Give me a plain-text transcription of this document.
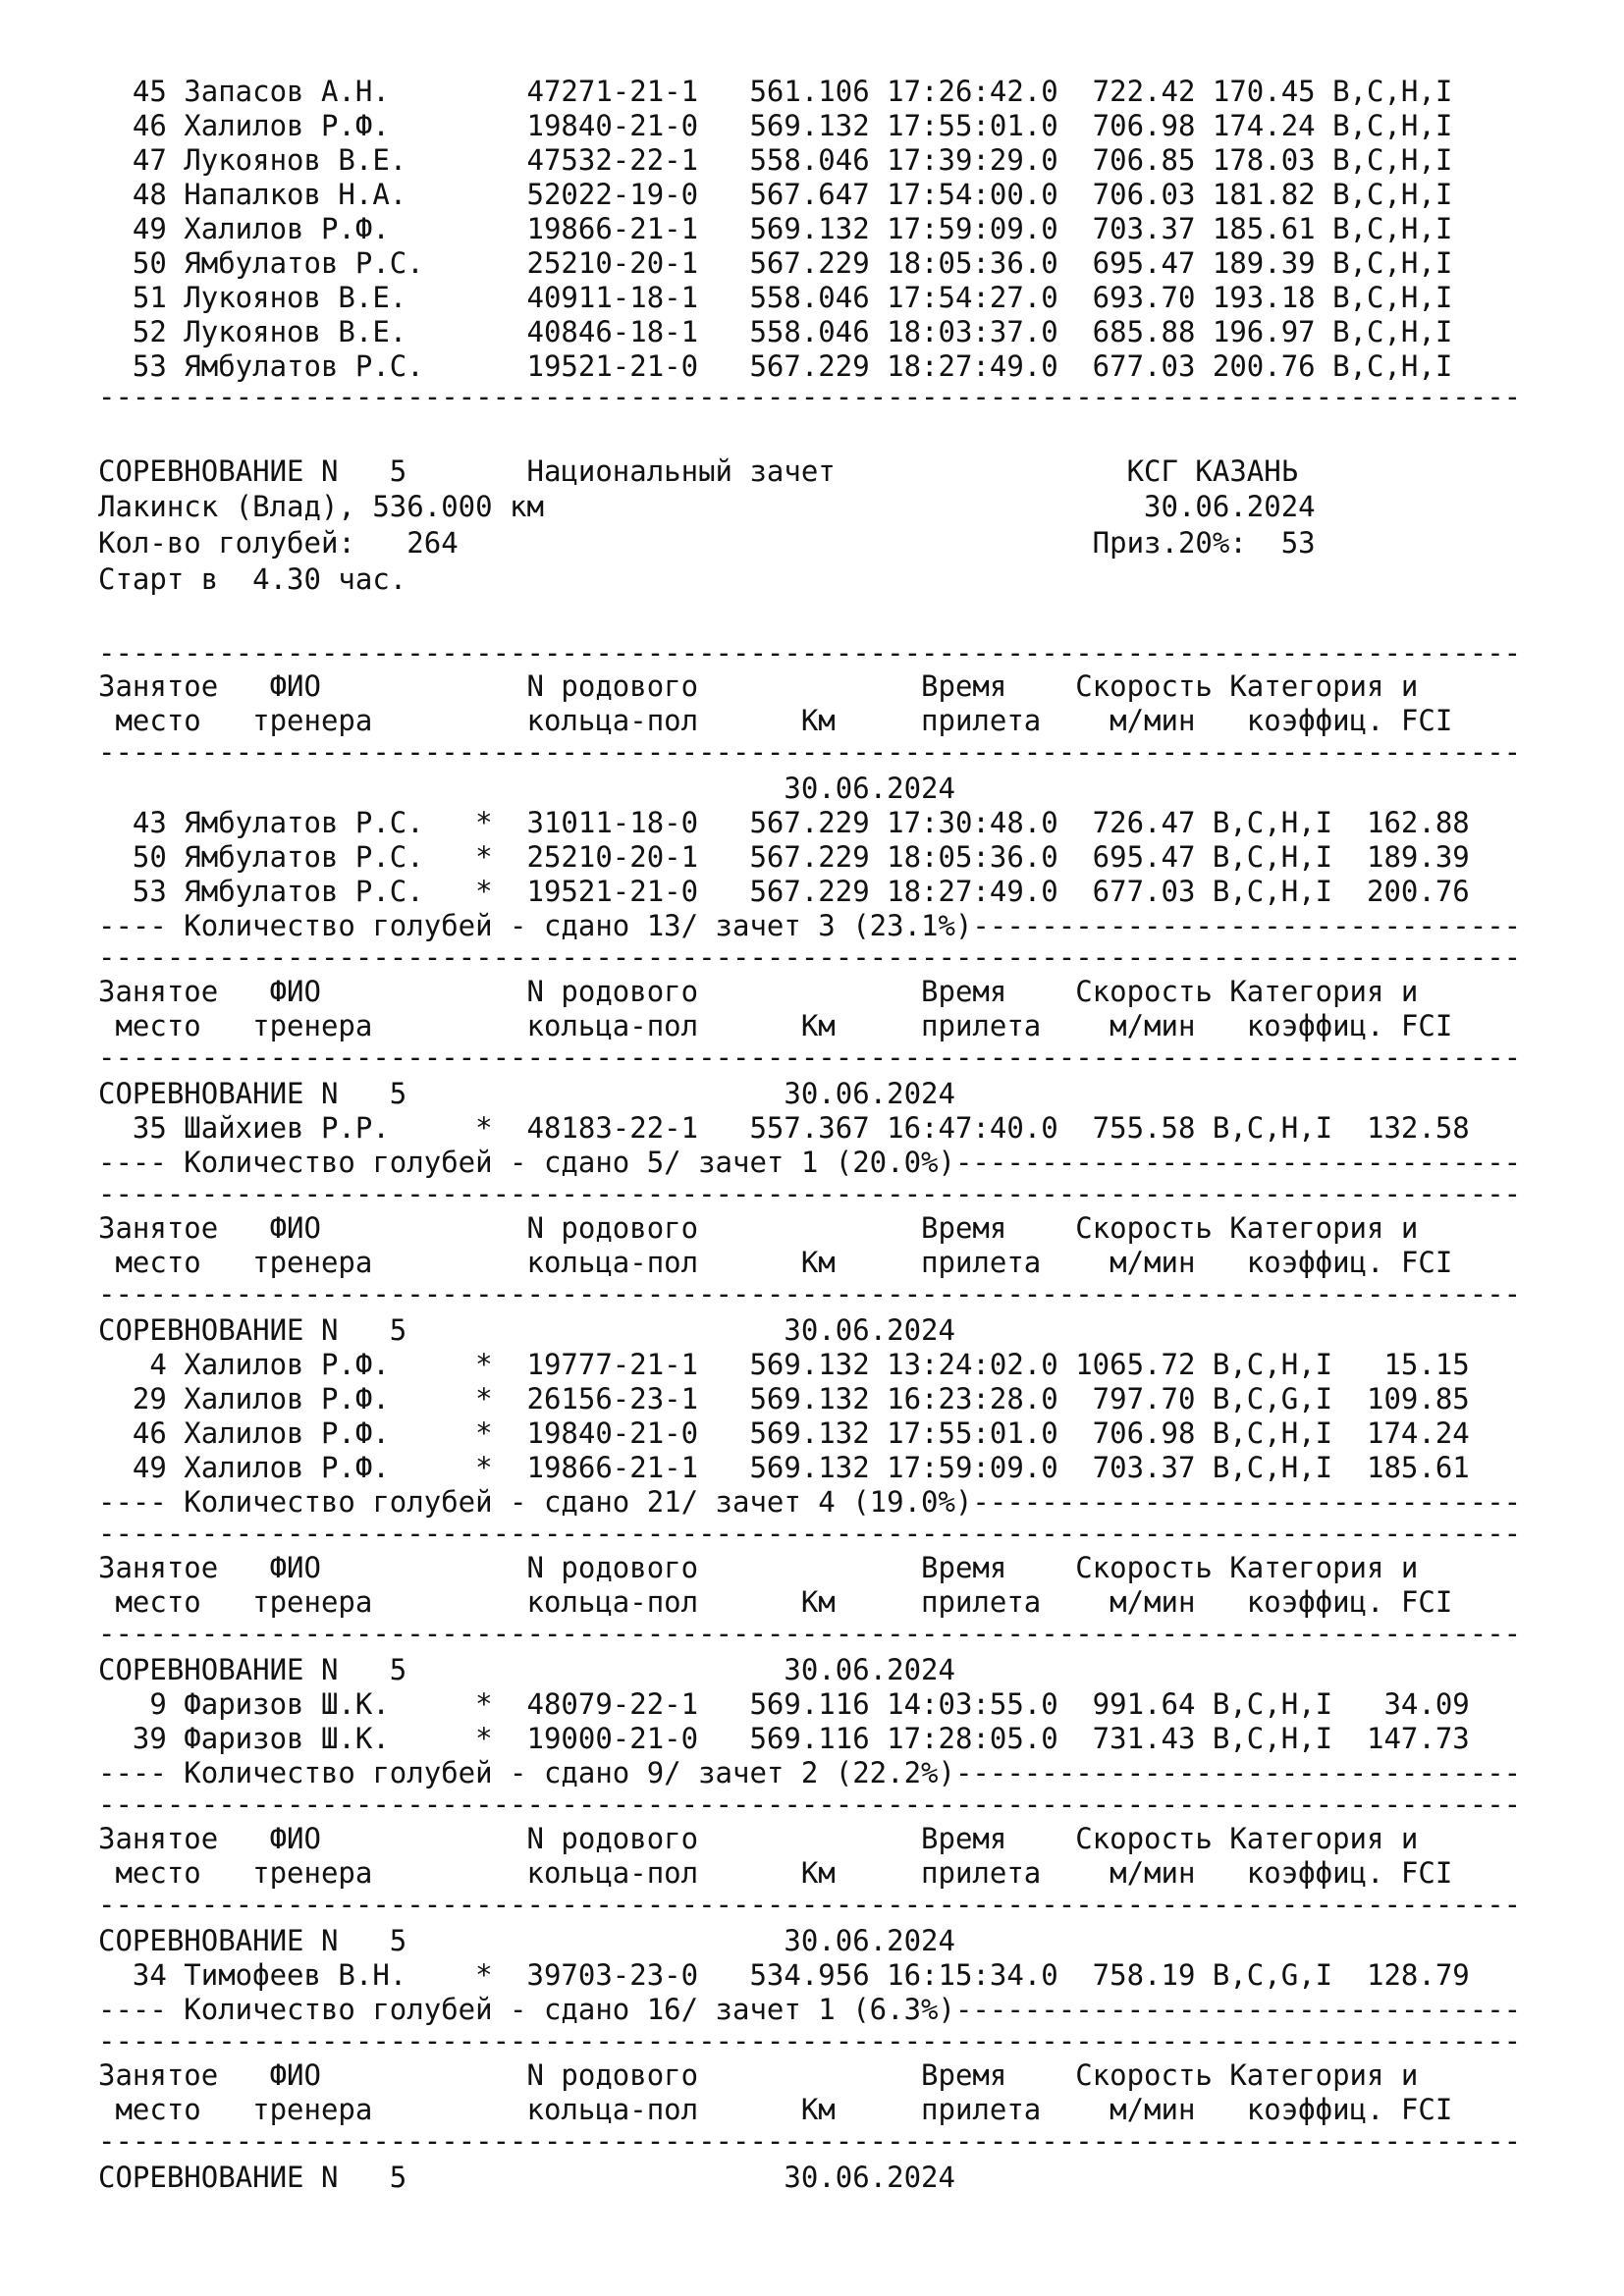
45 Запасов А.Н.        47271-21-1   561.106 17:26:42.0  722.42 170.45 B,C,H,I
46 Халилов Р.Ф.        19840-21-0   569.132 17:55:01.0  706.98 174.24 B,C,H,I
47 Лукоянов В.Е.       47532-22-1   558.046 17:39:29.0  706.85 178.03 B,C,H,I
48 Напалков Н.А.       52022-19-0   567.647 17:54:00.0  706.03 181.82 B,C,H,I
49 Халилов Р.Ф.        19866-21-1   569.132 17:59:09.0  703.37 185.61 B,C,H,I
50 Ямбулатов Р.С.      25210-20-1   567.229 18:05:36.0  695.47 189.39 B,C,H,I
51 Лукоянов В.Е.       40911-18-1   558.046 17:54:27.0  693.70 193.18 B,C,H,I
52 Лукоянов В.Е.       40846-18-1   558.046 18:03:37.0  685.88 196.97 B,C,H,I
53 Ямбулатов Р.С.      19521-21-0   567.229 18:27:49.0  677.03 200.76 B,C,H,I
-----------------------------------------------------------------------------------
СОРЕВНОВАНИЕ N   5       Национальный зачет                 КСГ КАЗАНЬ
Лакинск (Влад), 536.000 км                                   30.06.2024
Кол-во голубей:   264                                     Приз.20%:  53
Старт в  4.30 час.
-----------------------------------------------------------------------------------
Занятое   ФИО            N родового             Время    Скорость Категория и
место   тренера         кольца-пол      Км     прилета    м/мин   коэффиц. FCI
-----------------------------------------------------------------------------------
30.06.2024
43 Ямбулатов Р.С.   *  31011-18-0   567.229 17:30:48.0  726.47 B,C,H,I  162.88
50 Ямбулатов Р.С.   *  25210-20-1   567.229 18:05:36.0  695.47 B,C,H,I  189.39
53 Ямбулатов Р.С.   *  19521-21-0   567.229 18:27:49.0  677.03 B,C,H,I  200.76
---- Количество голубей - сдано 13/ зачет 3 (23.1%)--------------------------------
-----------------------------------------------------------------------------------
Занятое   ФИО            N родового             Время    Скорость Категория и
место   тренера         кольца-пол      Км     прилета    м/мин   коэффиц. FCI
-----------------------------------------------------------------------------------
СОРЕВНОВАНИЕ N   5                      30.06.2024
35 Шайхиев Р.Р.     *  48183-22-1   557.367 16:47:40.0  755.58 B,C,H,I  132.58
---- Количество голубей - сдано 5/ зачет 1 (20.0%)---------------------------------
-----------------------------------------------------------------------------------
Занятое   ФИО            N родового             Время    Скорость Категория и
место   тренера         кольца-пол      Км     прилета    м/мин   коэффиц. FCI
-----------------------------------------------------------------------------------
СОРЕВНОВАНИЕ N   5                      30.06.2024
4 Халилов Р.Ф.     *  19777-21-1   569.132 13:24:02.0 1065.72 B,C,H,I   15.15
29 Халилов Р.Ф.     *  26156-23-1   569.132 16:23:28.0  797.70 B,C,G,I  109.85
46 Халилов Р.Ф.     *  19840-21-0   569.132 17:55:01.0  706.98 B,C,H,I  174.24
49 Халилов Р.Ф.     *  19866-21-1   569.132 17:59:09.0  703.37 B,C,H,I  185.61
---- Количество голубей - сдано 21/ зачет 4 (19.0%)--------------------------------
-----------------------------------------------------------------------------------
Занятое   ФИО            N родового             Время    Скорость Категория и
место   тренера         кольца-пол      Км     прилета    м/мин   коэффиц. FCI
-----------------------------------------------------------------------------------
СОРЕВНОВАНИЕ N   5                      30.06.2024
9 Фаризов Ш.К.     *  48079-22-1   569.116 14:03:55.0  991.64 B,C,H,I   34.09
39 Фаризов Ш.К.     *  19000-21-0   569.116 17:28:05.0  731.43 B,C,H,I  147.73
---- Количество голубей - сдано 9/ зачет 2 (22.2%)---------------------------------
-----------------------------------------------------------------------------------
Занятое   ФИО            N родового             Время    Скорость Категория и
место   тренера         кольца-пол      Км     прилета    м/мин   коэффиц. FCI
-----------------------------------------------------------------------------------
СОРЕВНОВАНИЕ N   5                      30.06.2024
34 Тимофеев В.Н.    *  39703-23-0   534.956 16:15:34.0  758.19 B,C,G,I  128.79
---- Количество голубей - сдано 16/ зачет 1 (6.3%)---------------------------------
-----------------------------------------------------------------------------------
Занятое   ФИО            N родового             Время    Скорость Категория и
место   тренера         кольца-пол      Км     прилета    м/мин   коэффиц. FCI
-----------------------------------------------------------------------------------
СОРЕВНОВАНИЕ N   5                      30.06.2024
